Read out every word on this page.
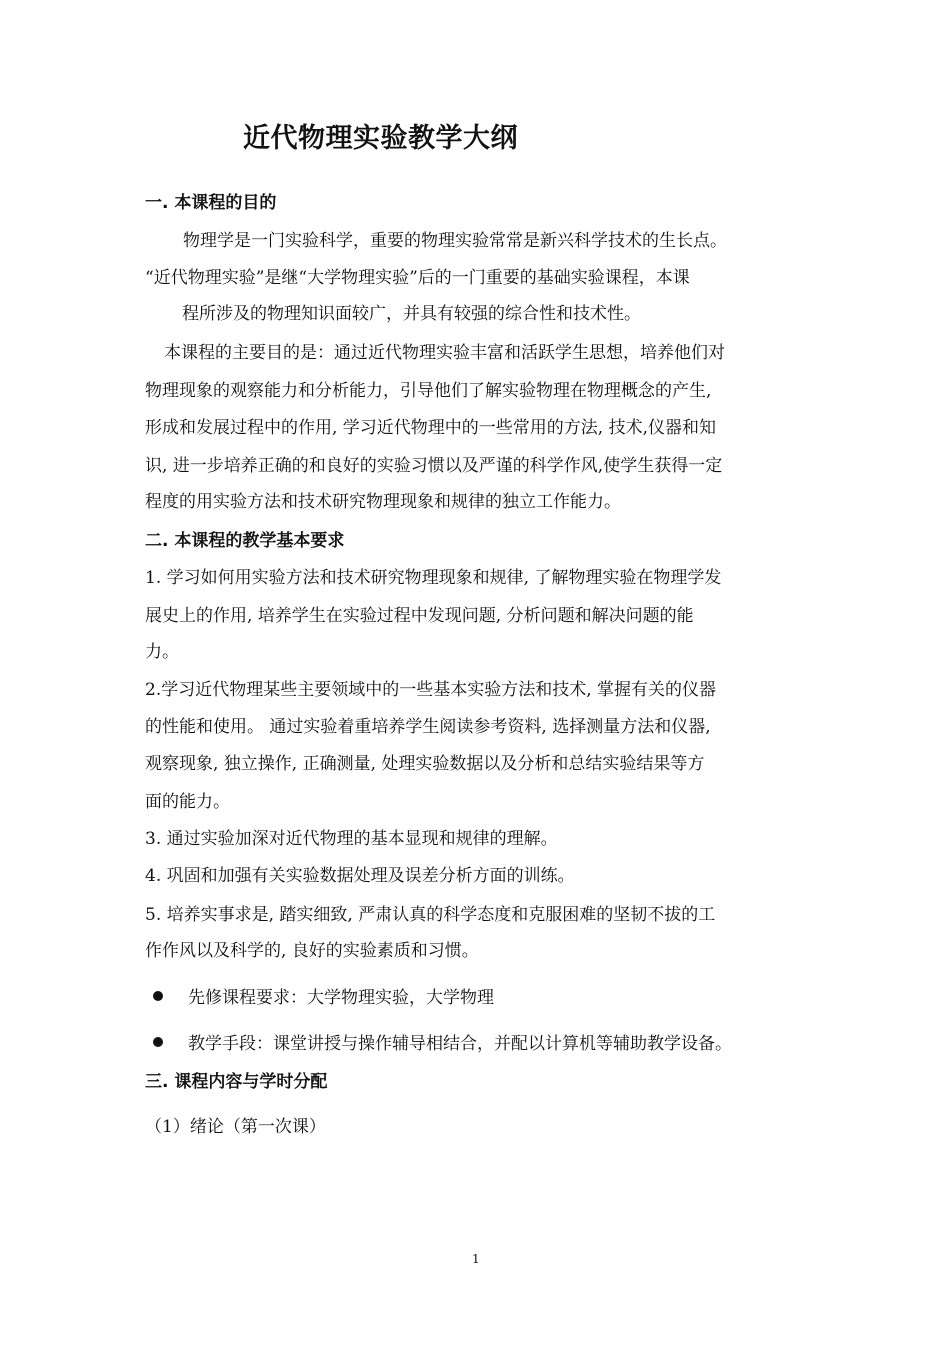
近代物理实验教学大纲
一. 本课程的目的

物理学是一门实验科学，重要的物理实验常常是新兴科学技术的生长点。

“近代物理实验”是继“大学物理实验”后的一门重要的基础实验课程，本课

程所涉及的物理知识面较广，并具有较强的综合性和技术性。

本课程的主要目的是：通过近代物理实验丰富和活跃学生思想，培养他们对

物理现象的观察能力和分析能力，引导他们了解实验物理在物理概念的产生,

形成和发展过程中的作用, 学习近代物理中的一些常用的方法, 技术,仪器和知

识, 进一步培养正确的和良好的实验习惯以及严谨的科学作风,使学生获得一定

程度的用实验方法和技术研究物理现象和规律的独立工作能力。

二. 本课程的教学基本要求

1. 学习如何用实验方法和技术研究物理现象和规律, 了解物理实验在物理学发

展史上的作用, 培养学生在实验过程中发现问题, 分析问题和解决问题的能

力。

2.学习近代物理某些主要领域中的一些基本实验方法和技术, 掌握有关的仪器

的性能和使用。 通过实验着重培养学生阅读参考资料, 选择测量方法和仪器,

观察现象, 独立操作, 正确测量, 处理实验数据以及分析和总结实验结果等方

面的能力。

3. 通过实验加深对近代物理的基本显现和规律的理解。

4. 巩固和加强有关实验数据处理及误差分析方面的训练。

5. 培养实事求是, 踏实细致, 严肃认真的科学态度和克服困难的坚韧不拔的工

作作风以及科学的, 良好的实验素质和习惯。

先修课程要求：大学物理实验，大学物理

教学手段：课堂讲授与操作辅导相结合，并配以计算机等辅助教学设备。

三. 课程内容与学时分配

（1）绪论（第一次课）

1
